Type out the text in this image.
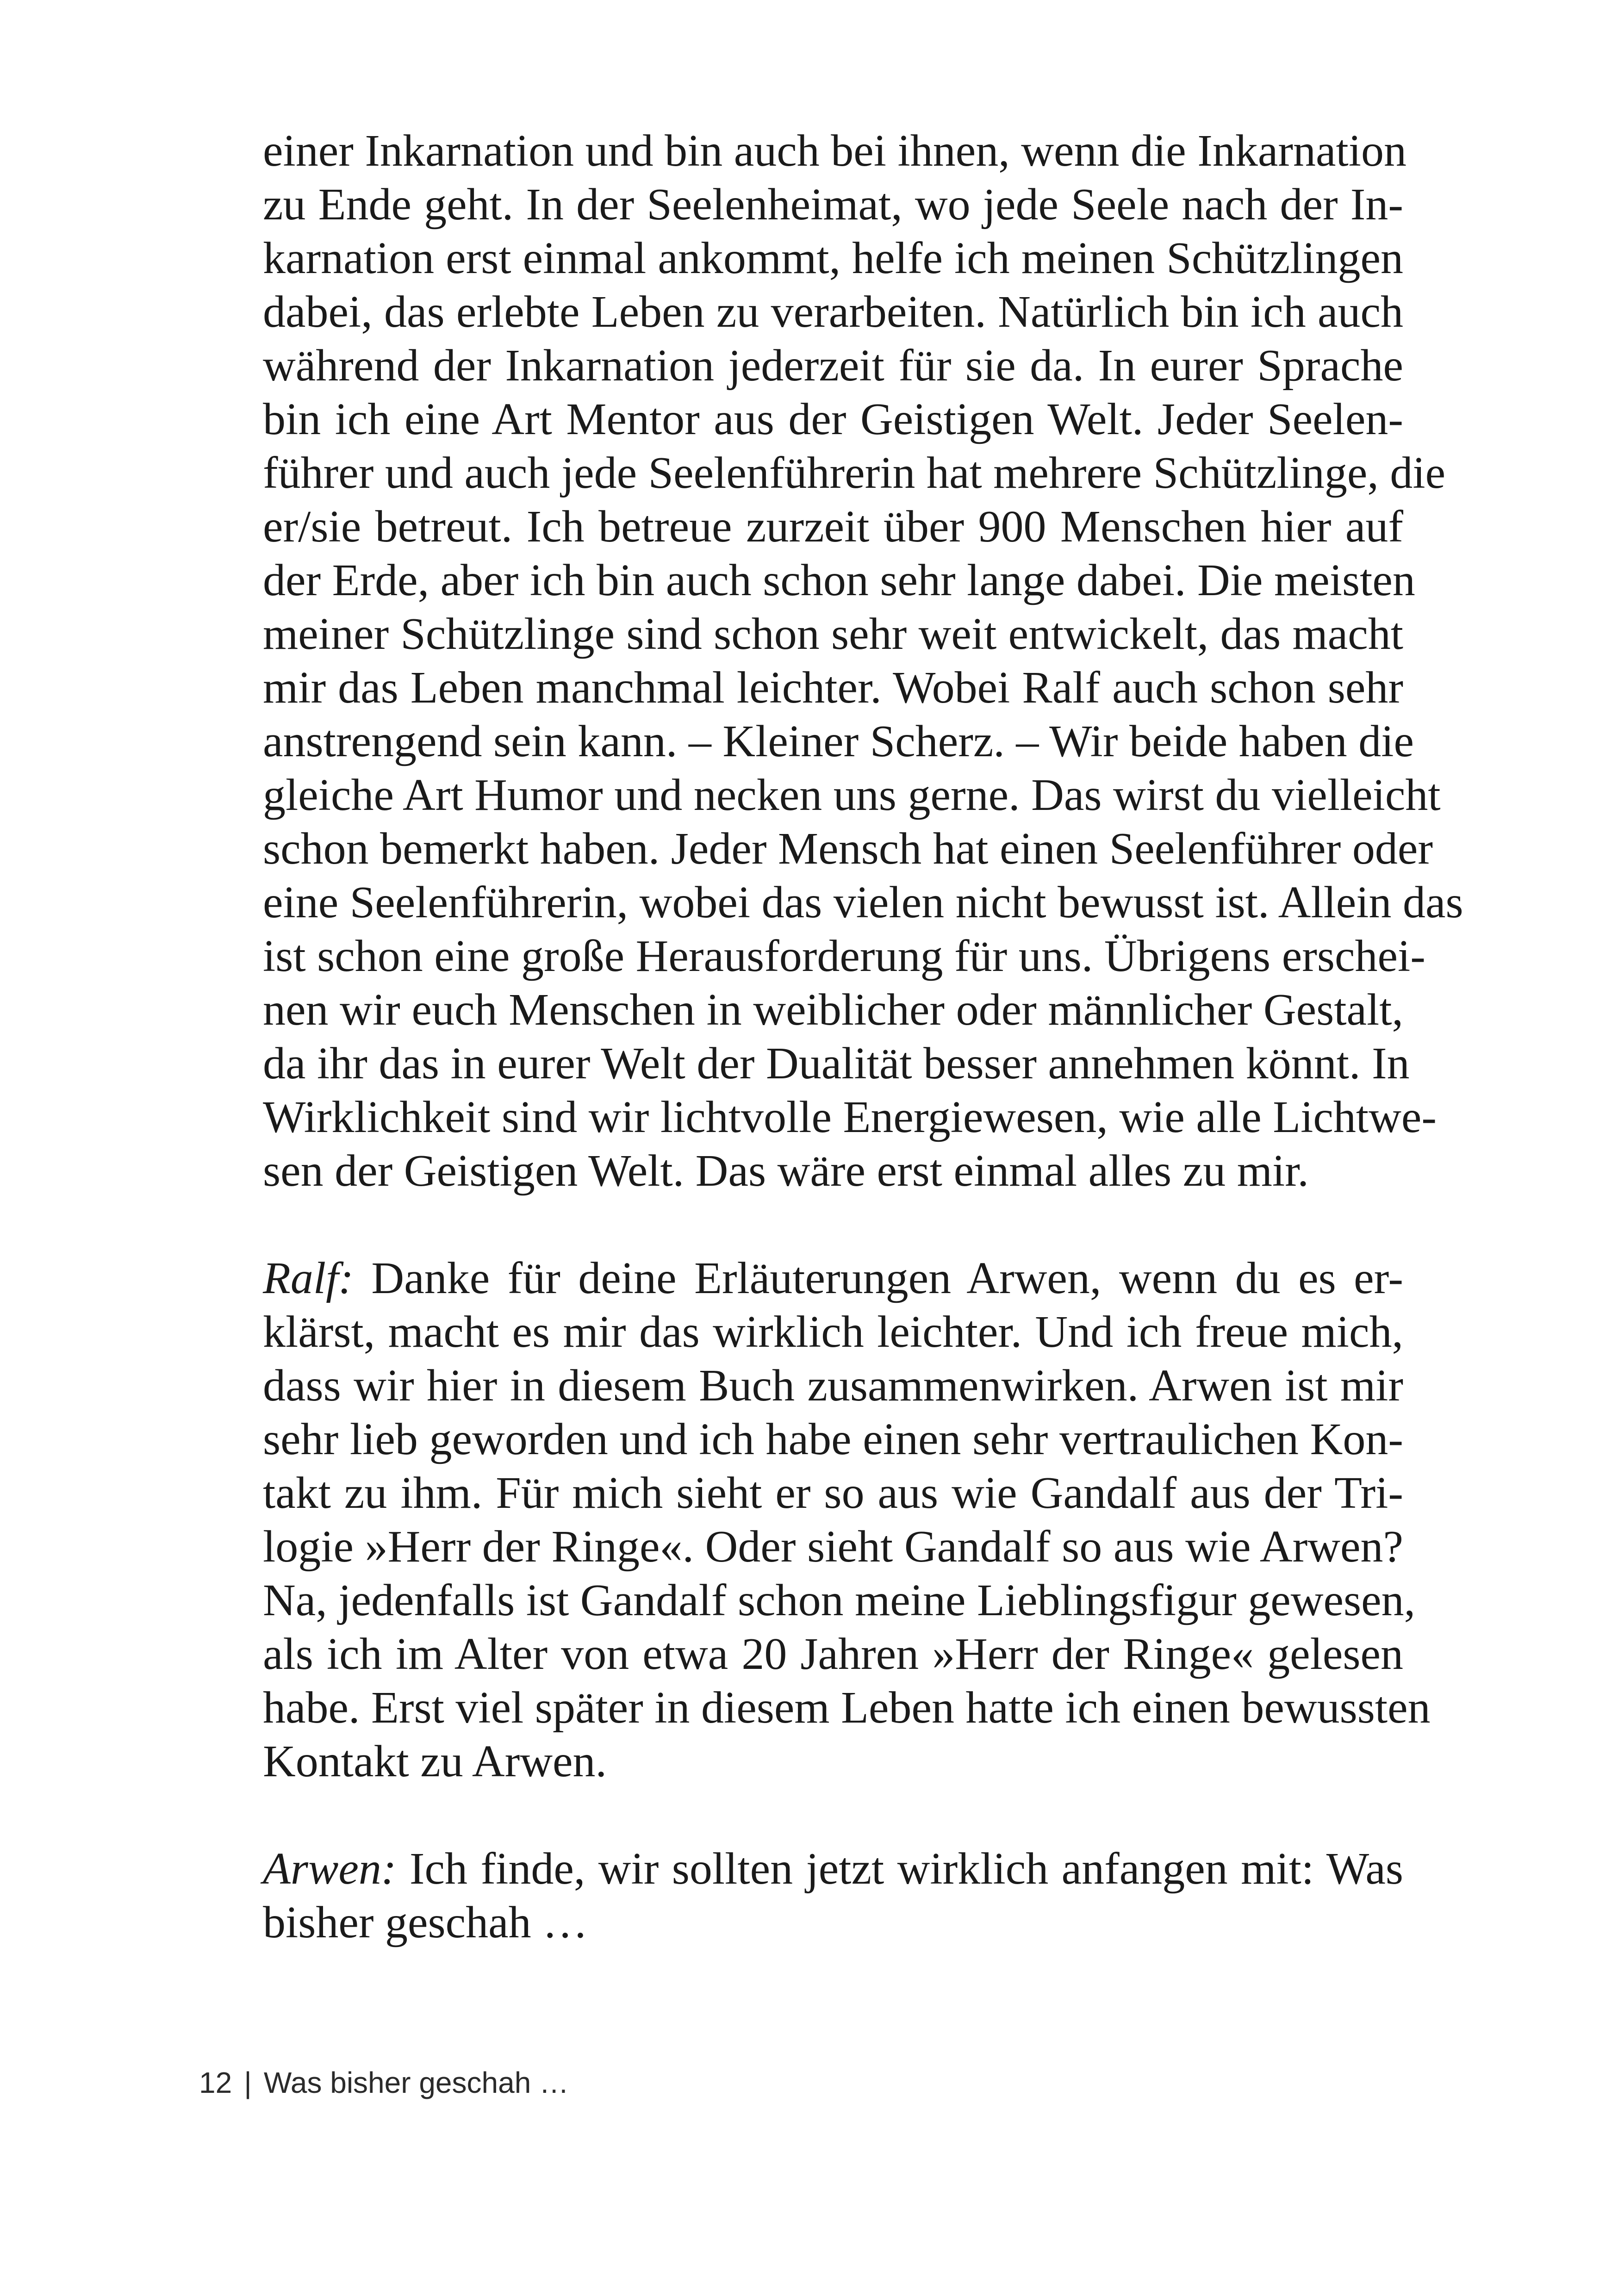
einer Inkarnation und bin auch bei ihnen, wenn die Inkarnation
zu Ende geht. In der Seelenheimat, wo jede Seele nach der In-
karnation erst einmal ankommt, helfe ich meinen Schützlingen
dabei, das erlebte Leben zu verarbeiten. Natürlich bin ich auch
während der Inkarnation jederzeit für sie da. In eurer Sprache
bin ich eine Art Mentor aus der Geistigen Welt. Jeder Seelen-
führer und auch jede Seelenführerin hat mehrere Schützlinge, die
er/sie betreut. Ich betreue zurzeit über 900 Menschen hier auf
der Erde, aber ich bin auch schon sehr lange dabei. Die meisten
meiner Schützlinge sind schon sehr weit entwickelt, das macht
mir das Leben manchmal leichter. Wobei Ralf auch schon sehr
anstrengend sein kann. – Kleiner Scherz. – Wir beide haben die
gleiche Art Humor und necken uns gerne. Das wirst du vielleicht
schon bemerkt haben. Jeder Mensch hat einen Seelenführer oder
eine Seelenführerin, wobei das vielen nicht bewusst ist. Allein das
ist schon eine große Herausforderung für uns. Übrigens erschei-
nen wir euch Menschen in weiblicher oder männlicher Gestalt,
da ihr das in eurer Welt der Dualität besser annehmen könnt. In
Wirklichkeit sind wir lichtvolle Energiewesen, wie alle Lichtwe-
sen der Geistigen Welt. Das wäre erst einmal alles zu mir.
Ralf: Danke für deine Erläuterungen Arwen, wenn du es er-
klärst, macht es mir das wirklich leichter. Und ich freue mich,
dass wir hier in diesem Buch zusammenwirken. Arwen ist mir
sehr lieb geworden und ich habe einen sehr vertraulichen Kon-
takt zu ihm. Für mich sieht er so aus wie Gandalf aus der Tri-
logie »Herr der Ringe«. Oder sieht Gandalf so aus wie Arwen?
Na, jedenfalls ist Gandalf schon meine Lieblingsfigur gewesen,
als ich im Alter von etwa 20 Jahren »Herr der Ringe« gelesen
habe. Erst viel später in diesem Leben hatte ich einen bewussten
Kontakt zu Arwen.
Arwen: Ich finde, wir sollten jetzt wirklich anfangen mit: Was
bisher geschah …
12 | Was bisher geschah …
